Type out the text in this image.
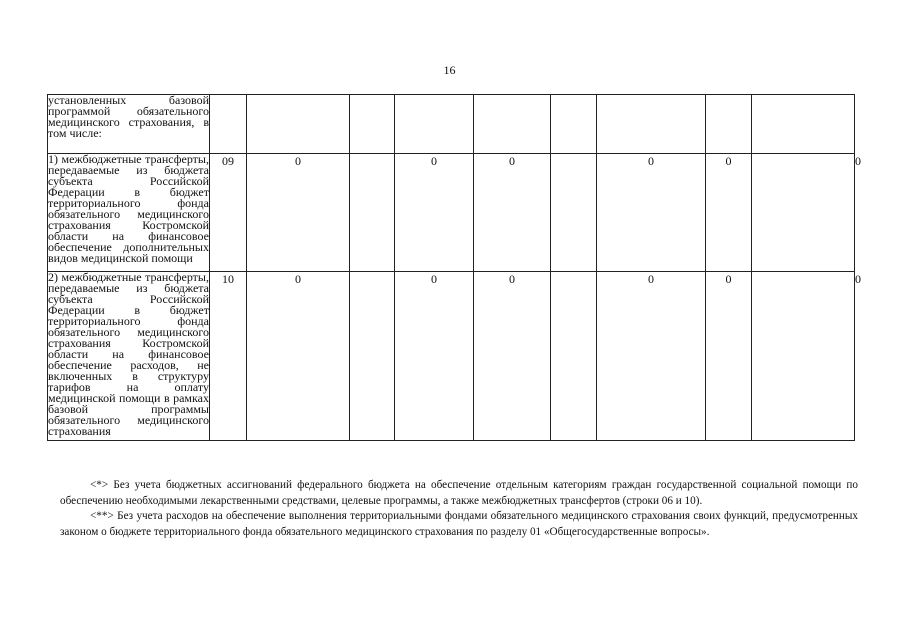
16
установленных базовой программой обязательного медицинского страхования, в том числе:										
1) межбюджетные трансферты, передаваемые из бюджета субъекта Российской Федерации в бюджет территориального фонда обязательного медицинского страхования Костромской области на финансовое обеспечение дополнительных видов медицинской помощи	09	0		0	0		0	0		0
2) межбюджетные трансферты, передаваемые из бюджета субъекта Российской Федерации в бюджет территориального фонда обязательного медицинского страхования Костромской области на финансовое обеспечение расходов, не включенных в структуру тарифов на оплату медицинской помощи в рамках базовой программы обязательного медицинского страхования	10	0		0	0		0	0		0

<*> Без учета бюджетных ассигнований федерального бюджета на обеспечение отдельным категориям граждан государственной социальной помощи по обеспечению необходимыми лекарственными средствами, целевые программы, а также межбюджетных трансфертов (строки 06 и 10).

<**> Без учета расходов на обеспечение выполнения территориальными фондами обязательного медицинского страхования своих функций, предусмотренных законом о бюджете территориального фонда обязательного медицинского страхования по разделу 01 «Общегосударственные вопросы».
